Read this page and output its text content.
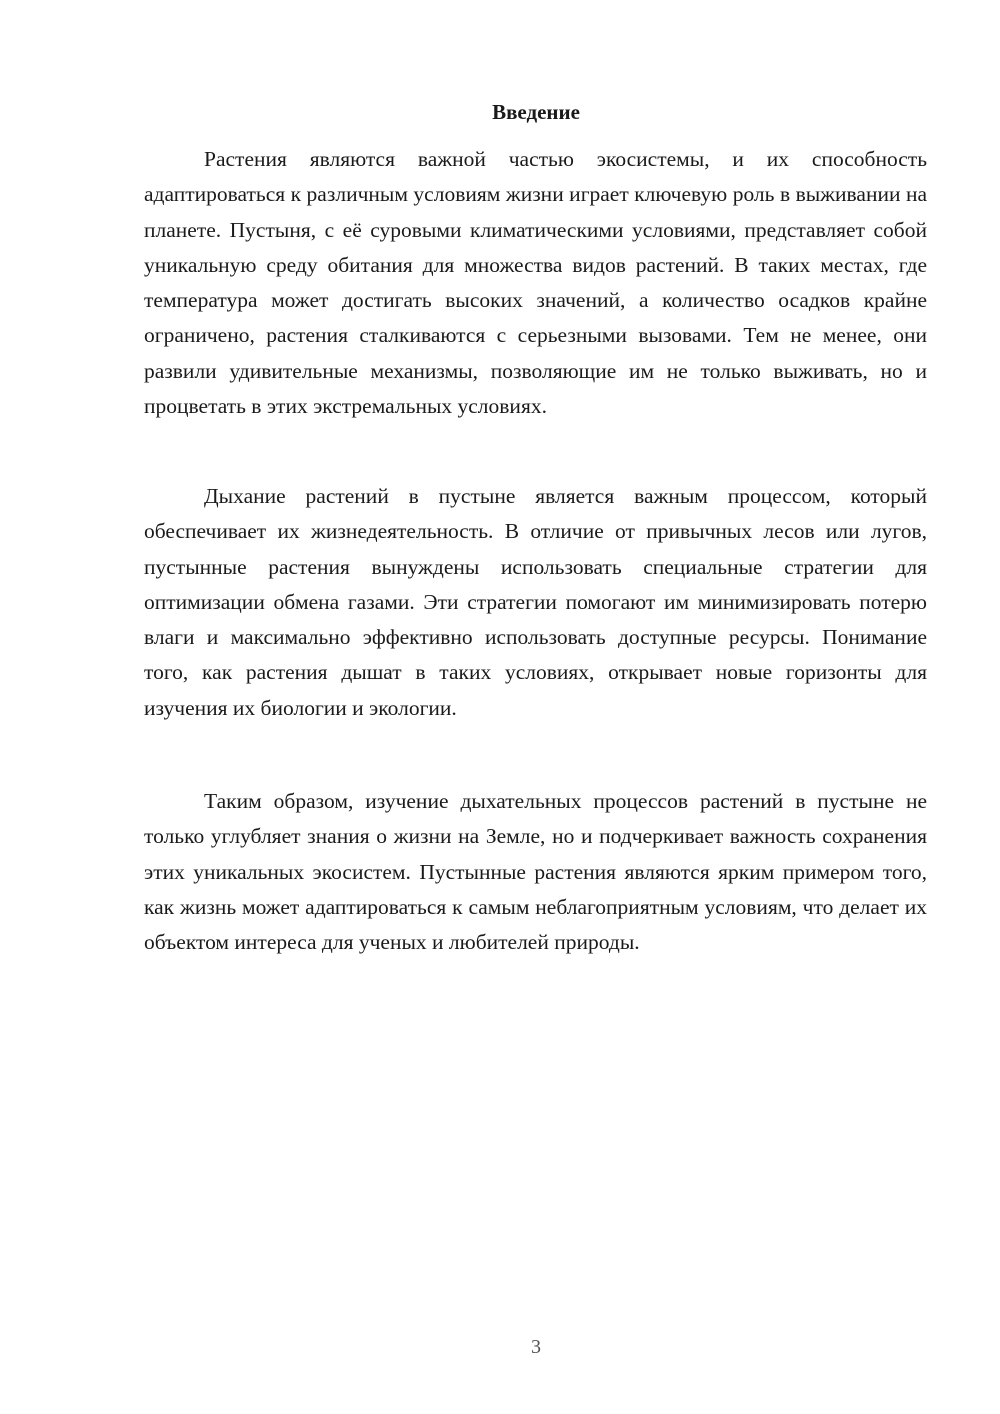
Введение

Растения являются важной частью экосистемы, и их способность адаптироваться к различным условиям жизни играет ключевую роль в выживании на планете. Пустыня, с её суровыми климатическими условиями, представляет собой уникальную среду обитания для множества видов растений. В таких местах, где температура может достигать высоких значений, а количество осадков крайне ограничено, растения сталкиваются с серьезными вызовами. Тем не менее, они развили удивительные механизмы, позволяющие им не только выживать, но и процветать в этих экстремальных условиях.

Дыхание растений в пустыне является важным процессом, который обеспечивает их жизнедеятельность. В отличие от привычных лесов или лугов, пустынные растения вынуждены использовать специальные стратегии для оптимизации обмена газами. Эти стратегии помогают им минимизировать потерю влаги и максимально эффективно использовать доступные ресурсы. Понимание того, как растения дышат в таких условиях, открывает новые горизонты для изучения их биологии и экологии.

Таким образом, изучение дыхательных процессов растений в пустыне не только углубляет знания о жизни на Земле, но и подчеркивает важность сохранения этих уникальных экосистем. Пустынные растения являются ярким примером того, как жизнь может адаптироваться к самым неблагоприятным условиям, что делает их объектом интереса для ученых и любителей природы.

3
